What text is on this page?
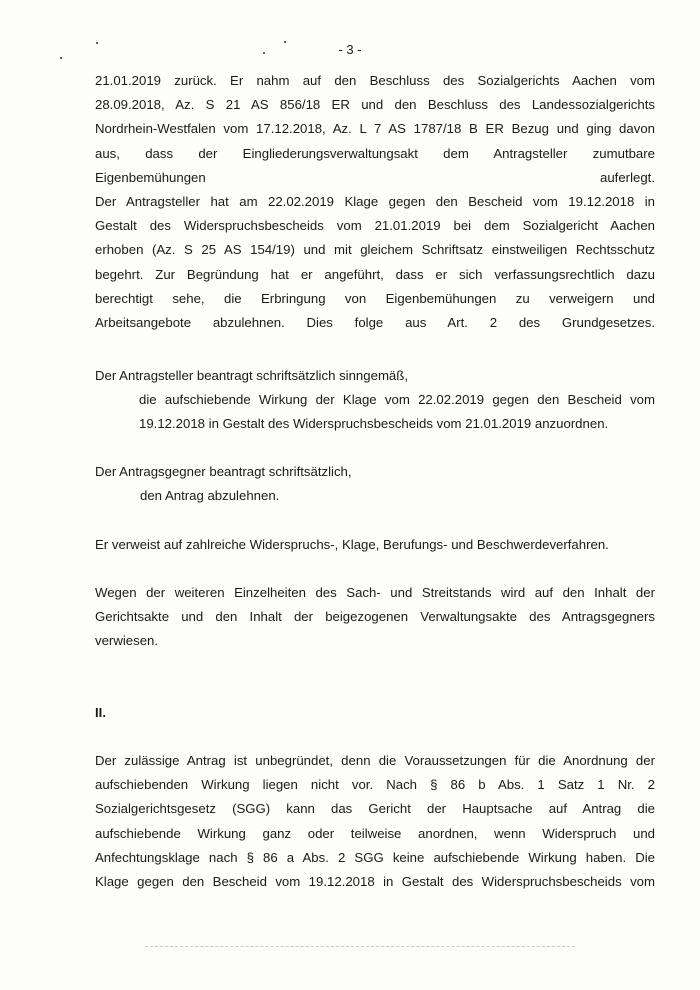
- 3 -
21.01.2019 zurück. Er nahm auf den Beschluss des Sozialgerichts Aachen vom
28.09.2018, Az. S 21 AS 856/18 ER und den Beschluss des Landessozialgerichts
Nordrhein-Westfalen vom 17.12.2018, Az. L 7 AS 1787/18 B ER Bezug und ging davon
aus, dass der Eingliederungsverwaltungsakt dem Antragsteller zumutbare
Eigenbemühungen auferlegt.
Der Antragsteller hat am 22.02.2019 Klage gegen den Bescheid vom 19.12.2018 in
Gestalt des Widerspruchsbescheids vom 21.01.2019 bei dem Sozialgericht Aachen
erhoben (Az. S 25 AS 154/19) und mit gleichem Schriftsatz einstweiligen Rechtsschutz
begehrt. Zur Begründung hat er angeführt, dass er sich verfassungsrechtlich dazu
berechtigt sehe, die Erbringung von Eigenbemühungen zu verweigern und
Arbeitsangebote abzulehnen. Dies folge aus Art. 2 des Grundgesetzes.
Der Antragsteller beantragt schriftsätzlich sinngemäß,
die aufschiebende Wirkung der Klage vom 22.02.2019 gegen den Bescheid vom
19.12.2018 in Gestalt des Widerspruchsbescheids vom 21.01.2019 anzuordnen.
Der Antragsgegner beantragt schriftsätzlich,
den Antrag abzulehnen.
Er verweist auf zahlreiche Widerspruchs-, Klage, Berufungs- und Beschwerdeverfahren.
Wegen der weiteren Einzelheiten des Sach- und Streitstands wird auf den Inhalt der
Gerichtsakte und den Inhalt der beigezogenen Verwaltungsakte des Antragsgegners
verwiesen.
II.
Der zulässige Antrag ist unbegründet, denn die Voraussetzungen für die Anordnung der
aufschiebenden Wirkung liegen nicht vor. Nach § 86 b Abs. 1 Satz 1 Nr. 2
Sozialgerichtsgesetz (SGG) kann das Gericht der Hauptsache auf Antrag die
aufschiebende Wirkung ganz oder teilweise anordnen, wenn Widerspruch und
Anfechtungsklage nach § 86 a Abs. 2 SGG keine aufschiebende Wirkung haben. Die
Klage gegen den Bescheid vom 19.12.2018 in Gestalt des Widerspruchsbescheids vom
